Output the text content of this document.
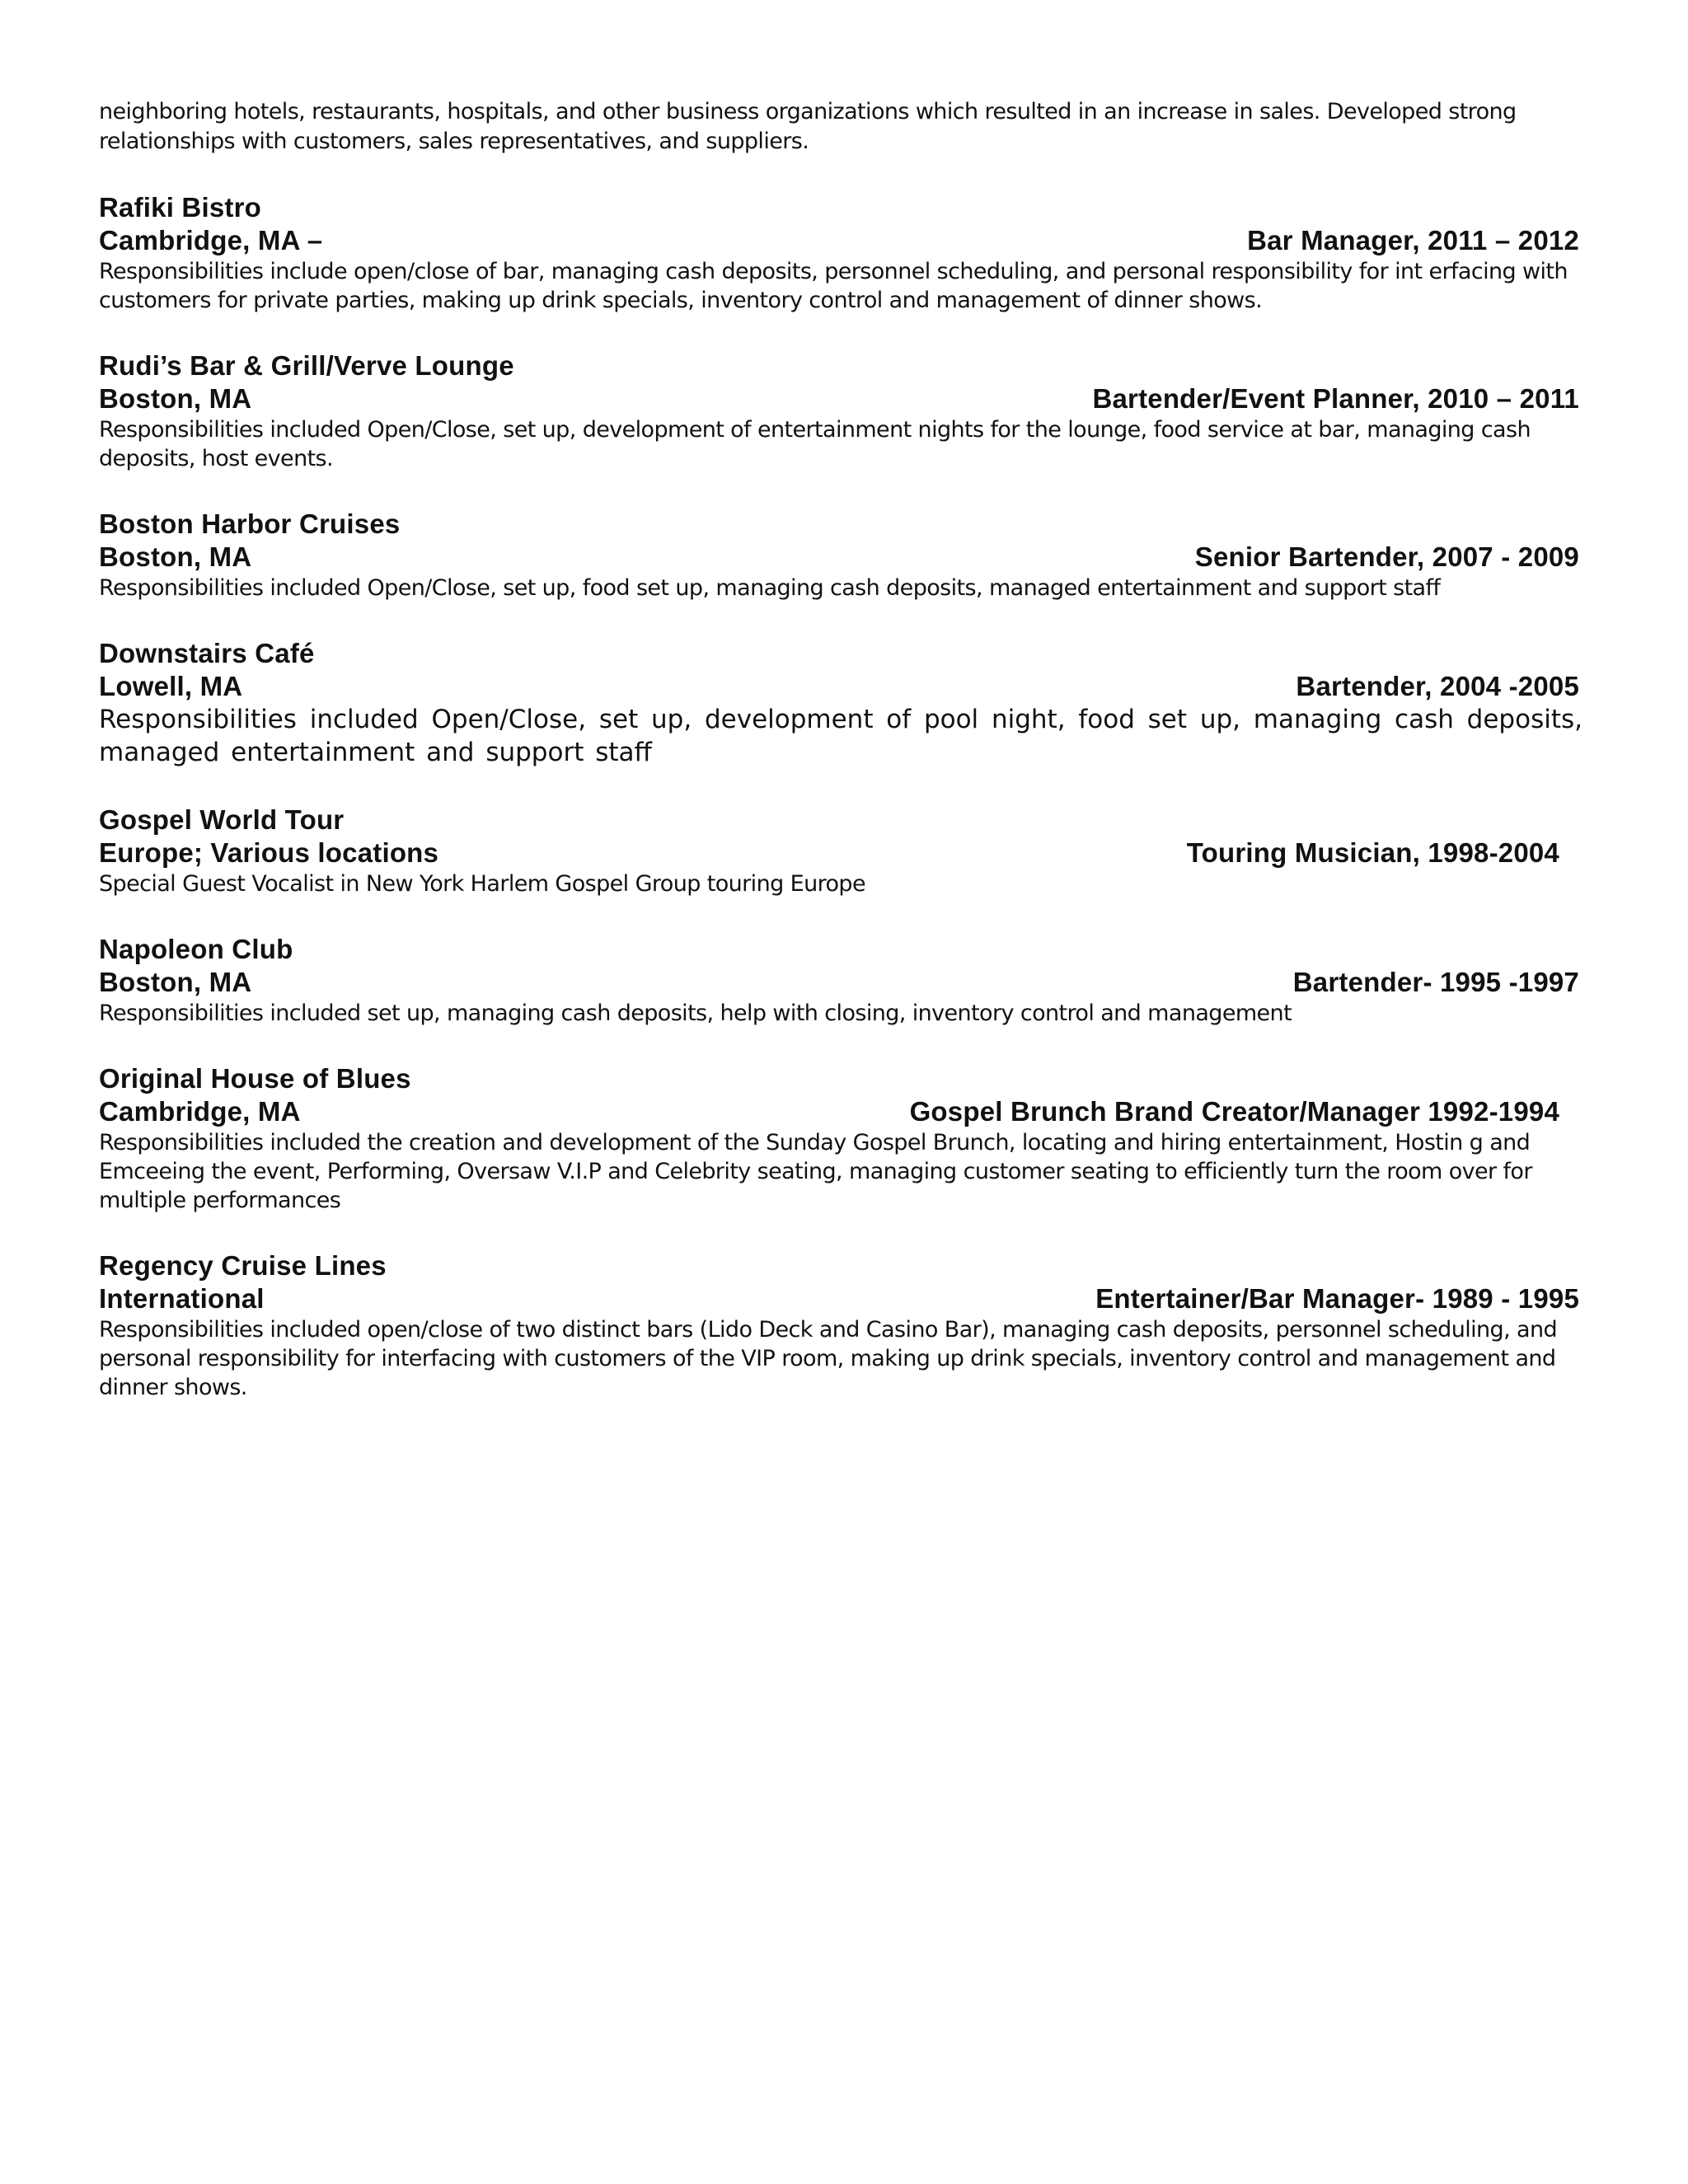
neighboring hotels, restaurants, hospitals, and other business organizations which resulted in an increase in sales. Developed strong relationships with customers, sales representatives, and suppliers.

Rafiki Bistro

Cambridge, MA –	Bar Manager, 2011 – 2012

Responsibilities include open/close of bar, managing cash deposits, personnel scheduling, and personal responsibility for int erfacing with customers for private parties, making up drink specials, inventory control and management of dinner shows.

Rudi’s Bar & Grill/Verve Lounge

Boston, MA	Bartender/Event Planner, 2010 – 2011

Responsibilities included Open/Close, set up, development of entertainment nights for the lounge, food service at bar, managing cash deposits, host events.

Boston Harbor Cruises

Boston, MA	Senior Bartender, 2007 - 2009

Responsibilities included Open/Close, set up, food set up, managing cash deposits, managed entertainment and support staff

Downstairs Café

Lowell, MA	Bartender, 2004 -2005

Responsibilities included Open/Close, set up, development of pool night, food set up, managing cash deposits, managed entertainment and support staff

Gospel World Tour

Europe; Various locations	Touring Musician, 1998-2004

Special Guest Vocalist in New York Harlem Gospel Group touring Europe

Napoleon Club

Boston, MA	Bartender- 1995 -1997

Responsibilities included set up, managing cash deposits, help with closing, inventory control and management

Original House of Blues

Cambridge, MA	Gospel Brunch Brand Creator/Manager 1992-1994

Responsibilities included the creation and development of the Sunday Gospel Brunch, locating and hiring entertainment, Hostin g and Emceeing the event, Performing, Oversaw V.I.P and Celebrity seating, managing customer seating to efficiently turn the room over for multiple performances

Regency Cruise Lines

International	Entertainer/Bar Manager- 1989 - 1995

Responsibilities included open/close of two distinct bars (Lido Deck and Casino Bar), managing cash deposits, personnel scheduling, and personal responsibility for interfacing with customers of the VIP room, making up drink specials, inventory control and management and dinner shows.
